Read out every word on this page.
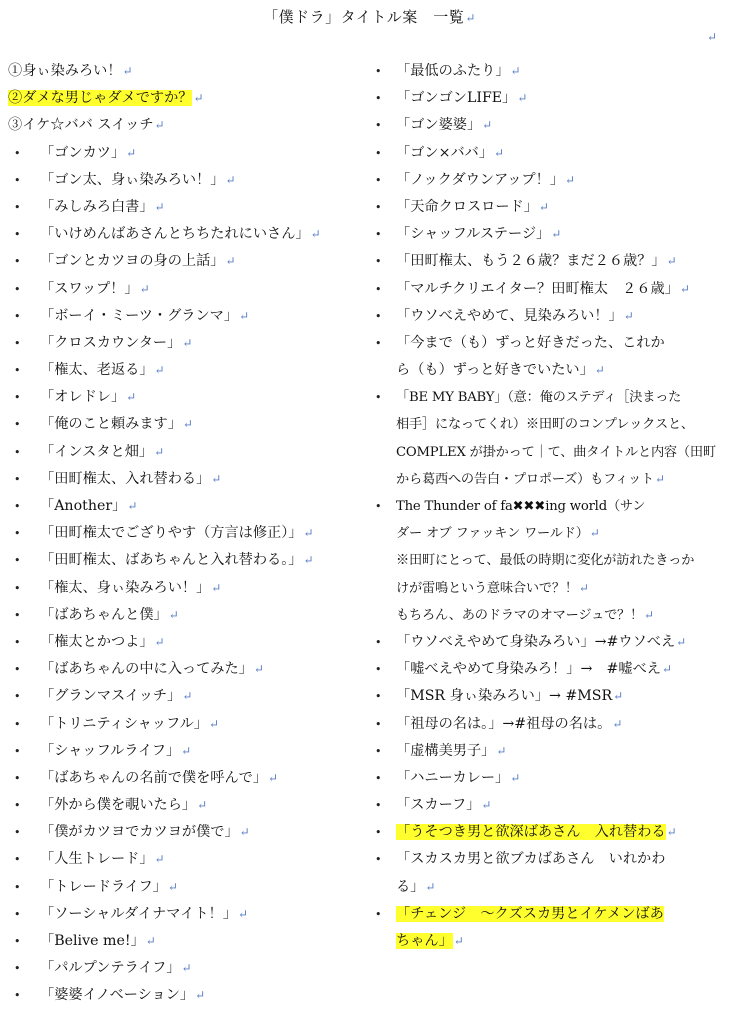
「僕ドラ」タイトル案　一覧↵
↵
①身ぃ染みろい！↵
②ダメな男じゃダメですか？↵
③イケ☆ババ スイッチ↵
• 「ゴンカツ」↵
• 「ゴン太、身ぃ染みろい！」↵
• 「みしみろ白書」↵
• 「いけめんばあさんとちちたれにいさん」↵
• 「ゴンとカツヨの身の上話」↵
• 「スワップ！」↵
• 「ボーイ・ミーツ・グランマ」↵
• 「クロスカウンター」↵
• 「権太、老返る」↵
• 「オレドレ」↵
• 「俺のこと頼みます」↵
• 「インスタと畑」↵
• 「田町権太、入れ替わる」↵
• 「Another」↵
• 「田町権太でござりやす（方言は修正）」↵
• 「田町権太、ばあちゃんと入れ替わる。」↵
• 「権太、身ぃ染みろい！」↵
• 「ばあちゃんと僕」↵
• 「権太とかつよ」↵
• 「ばあちゃんの中に入ってみた」↵
• 「グランマスイッチ」↵
• 「トリニティシャッフル」↵
• 「シャッフルライフ」↵
• 「ばあちゃんの名前で僕を呼んで」↵
• 「外から僕を覗いたら」↵
• 「僕がカツヨでカツヨが僕で」↵
• 「人生トレード」↵
• 「トレードライフ」↵
• 「ソーシャルダイナマイト！」↵
• 「Belive me!」↵
• 「パルプンテライフ」↵
• 「婆婆イノベーション」↵
• 「最低のふたり」↵
• 「ゴンゴンLIFE」↵
• 「ゴン婆婆」↵
• 「ゴン×ババ」↵
• 「ノックダウンアップ！」↵
• 「天命クロスロード」↵
• 「シャッフルステージ」↵
• 「田町権太、もう２６歳？まだ２６歳？」↵
• 「マルチクリエイター？田町権太　２６歳」↵
• 「ウソべえやめて、見染みろい！」↵
• 「今まで（も）ずっと好きだった、これか
ら（も）ずっと好きでいたい」↵
• 「BE MY BABY」（意：俺のステディ［決まった
相手］になってくれ）※田町のコンプレックスと、
COMPLEX が掛かって｜て、曲タイトルと内容（田町
から葛西への告白・プロポーズ）もフィット↵
• The Thunder of fa✖✖✖ing world（サン
ダー オブ ファッキン ワールド）↵
※田町にとって、最低の時期に変化が訪れたきっか
けが雷鳴という意味合いで？！↵
もちろん、あのドラマのオマージュで？！↵
• 「ウソべえやめて身染みろい」→#ウソべえ↵
• 「嘘べえやめて身染みろ！」→　#嘘べえ↵
• 「MSR 身ぃ染みろい」→ #MSR↵
• 「祖母の名は。」→#祖母の名は。↵
• 「虚構美男子」↵
• 「ハニーカレー」↵
• 「スカーフ」↵
• 「うそつき男と欲深ばあさん　入れ替わる↵
• 「スカスカ男と欲ブカばあさん　いれかわ
る」↵
• 「チェンジ　～クズスカ男とイケメンばあ
ちゃん」↵
